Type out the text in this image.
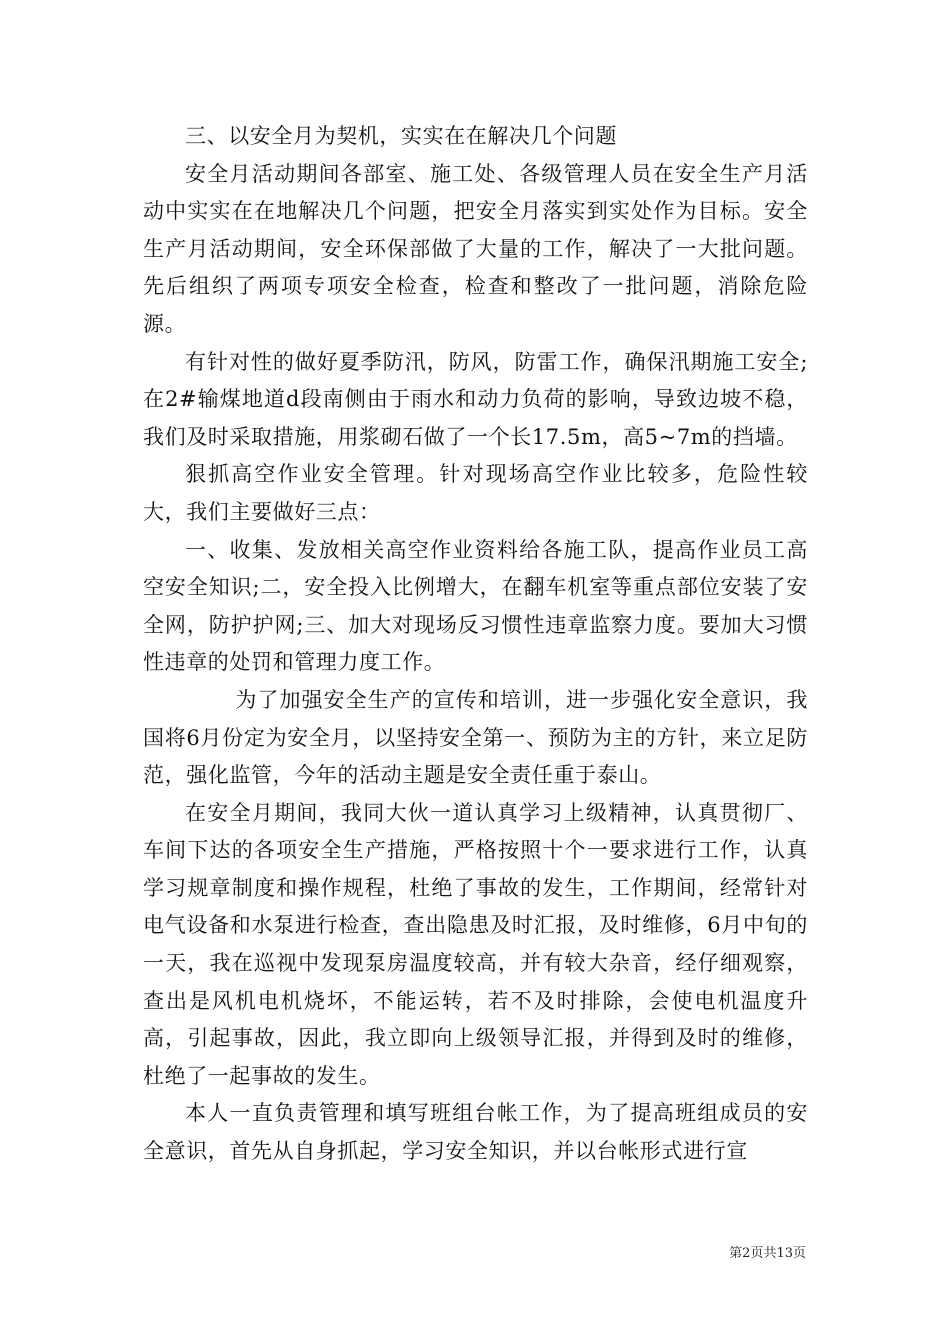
三、以安全月为契机，实实在在解决几个问题

安全月活动期间各部室、施工处、各级管理人员在安全生产月活动中实实在在地解决几个问题，把安全月落实到实处作为目标。安全生产月活动期间，安全环保部做了大量的工作，解决了一大批问题。先后组织了两项专项安全检查，检查和整改了一批问题，消除危险源。

有针对性的做好夏季防汛，防风，防雷工作，确保汛期施工安全;在2#输煤地道d段南侧由于雨水和动力负荷的影响，导致边坡不稳，我们及时采取措施，用浆砌石做了一个长17.5m，高5~7m的挡墙。

狠抓高空作业安全管理。针对现场高空作业比较多，危险性较大，我们主要做好三点：

一、收集、发放相关高空作业资料给各施工队，提高作业员工高空安全知识;二，安全投入比例增大，在翻车机室等重点部位安装了安全网，防护护网;三、加大对现场反习惯性违章监察力度。要加大习惯性违章的处罚和管理力度工作。

为了加强安全生产的宣传和培训，进一步强化安全意识，我国将6月份定为安全月，以坚持安全第一、预防为主的方针，来立足防范，强化监管，今年的活动主题是安全责任重于泰山。

在安全月期间，我同大伙一道认真学习上级精神，认真贯彻厂、车间下达的各项安全生产措施，严格按照十个一要求进行工作，认真学习规章制度和操作规程，杜绝了事故的发生，工作期间，经常针对电气设备和水泵进行检查，查出隐患及时汇报，及时维修，6月中旬的一天，我在巡视中发现泵房温度较高，并有较大杂音，经仔细观察，查出是风机电机烧坏，不能运转，若不及时排除，会使电机温度升高，引起事故，因此，我立即向上级领导汇报，并得到及时的维修，杜绝了一起事故的发生。

本人一直负责管理和填写班组台帐工作，为了提高班组成员的安全意识，首先从自身抓起，学习安全知识，并以台帐形式进行宣

第2页共13页
